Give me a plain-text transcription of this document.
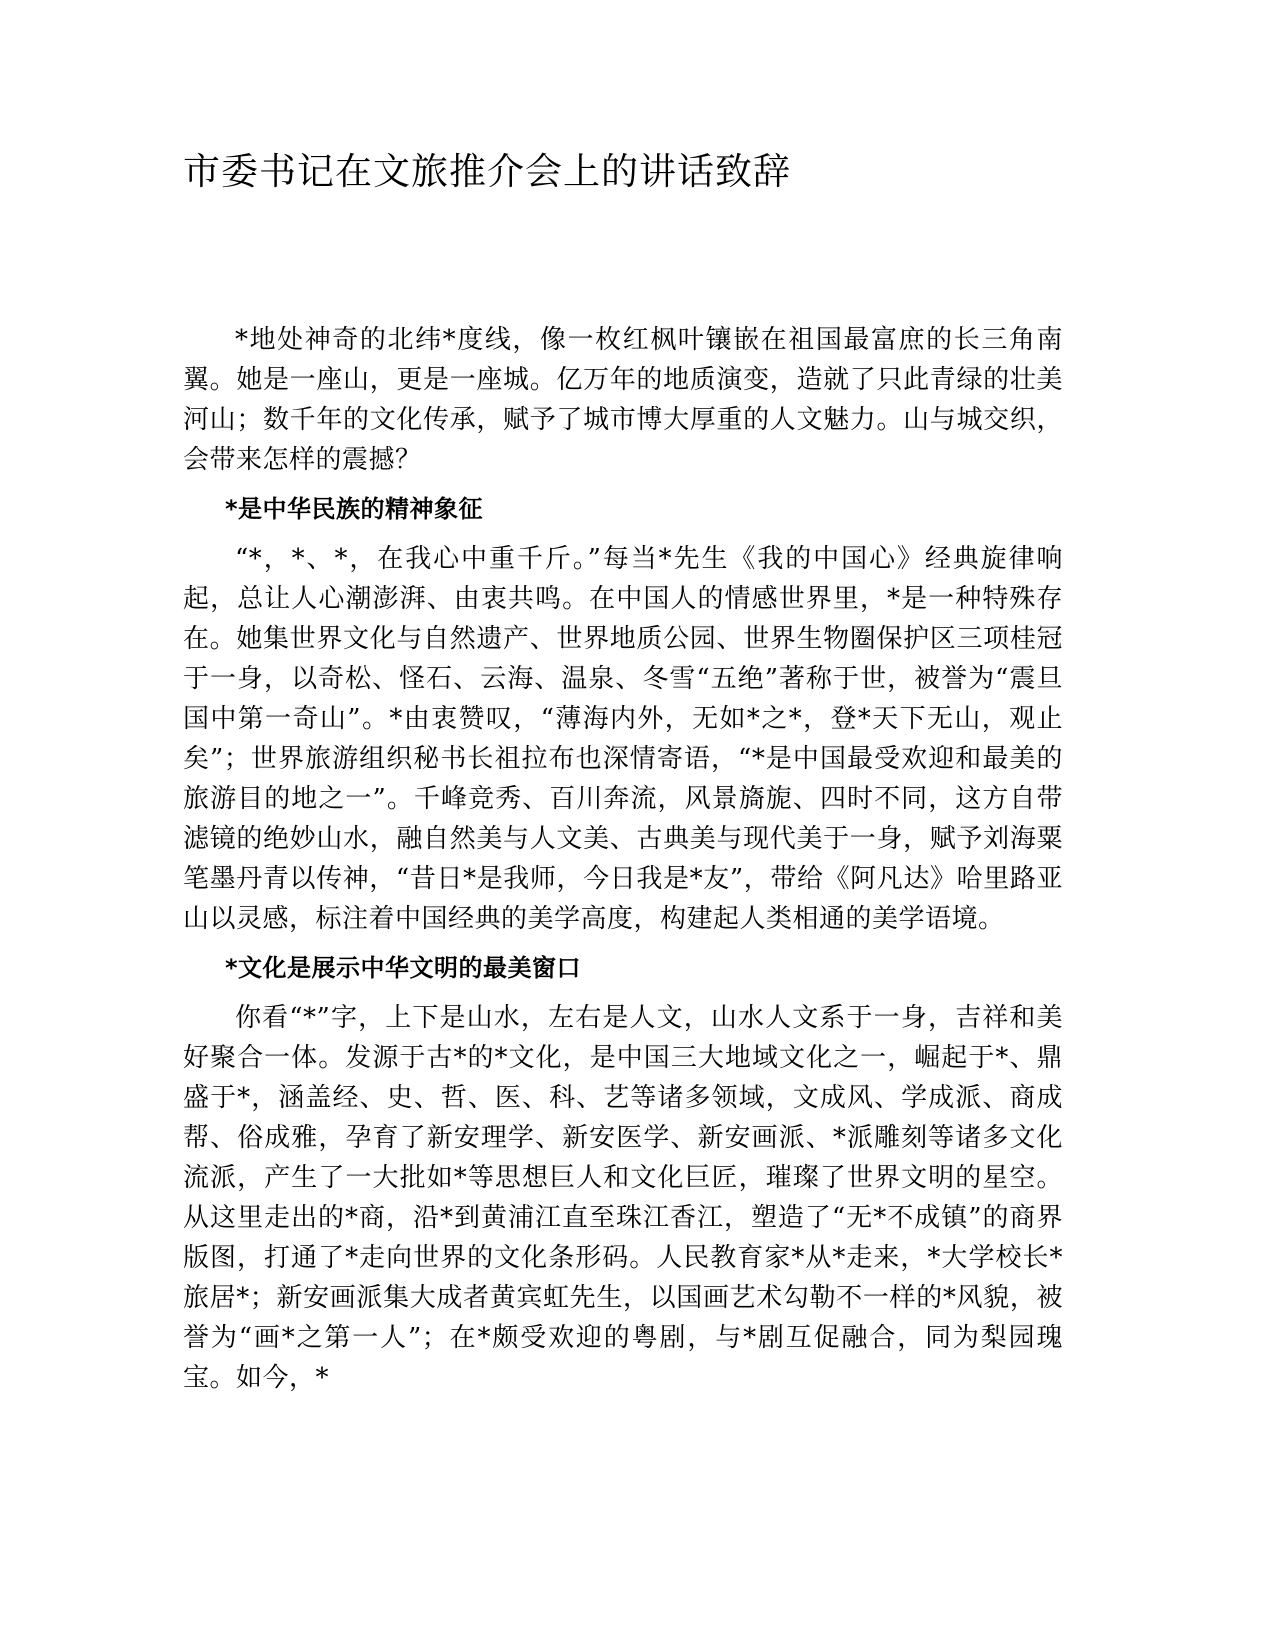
市委书记在文旅推介会上的讲话致辞

*地处神奇的北纬*度线，像一枚红枫叶镶嵌在祖国最富庶的长三角南翼。她是一座山，更是一座城。亿万年的地质演变，造就了只此青绿的壮美河山；数千年的文化传承，赋予了城市博大厚重的人文魅力。山与城交织，会带来怎样的震撼？

*是中华民族的精神象征

“*，*、*，在我心中重千斤。”每当*先生《我的中国心》经典旋律响起，总让人心潮澎湃、由衷共鸣。在中国人的情感世界里，*是一种特殊存在。她集世界文化与自然遗产、世界地质公园、世界生物圈保护区三项桂冠于一身，以奇松、怪石、云海、温泉、冬雪“五绝”著称于世，被誉为“震旦国中第一奇山”。*由衷赞叹，“薄海内外，无如*之*，登*天下无山，观止矣”；世界旅游组织秘书长祖拉布也深情寄语，“*是中国最受欢迎和最美的旅游目的地之一”。千峰竞秀、百川奔流，风景旖旎、四时不同，这方自带滤镜的绝妙山水，融自然美与人文美、古典美与现代美于一身，赋予刘海粟笔墨丹青以传神，“昔日*是我师，今日我是*友”，带给《阿凡达》哈里路亚山以灵感，标注着中国经典的美学高度，构建起人类相通的美学语境。

*文化是展示中华文明的最美窗口

你看“*”字，上下是山水，左右是人文，山水人文系于一身，吉祥和美好聚合一体。发源于古*的*文化，是中国三大地域文化之一，崛起于*、鼎盛于*，涵盖经、史、哲、医、科、艺等诸多领域，文成风、学成派、商成帮、俗成雅，孕育了新安理学、新安医学、新安画派、*派雕刻等诸多文化流派，产生了一大批如*等思想巨人和文化巨匠，璀璨了世界文明的星空。从这里走出的*商，沿*到黄浦江直至珠江香江，塑造了“无*不成镇”的商界版图，打通了*走向世界的文化条形码。人民教育家*从*走来，*大学校长*旅居*；新安画派集大成者黄宾虹先生，以国画艺术勾勒不一样的*风貌，被誉为“画*之第一人”；在*颇受欢迎的粤剧，与*剧互促融合，同为梨园瑰宝。如今，*
